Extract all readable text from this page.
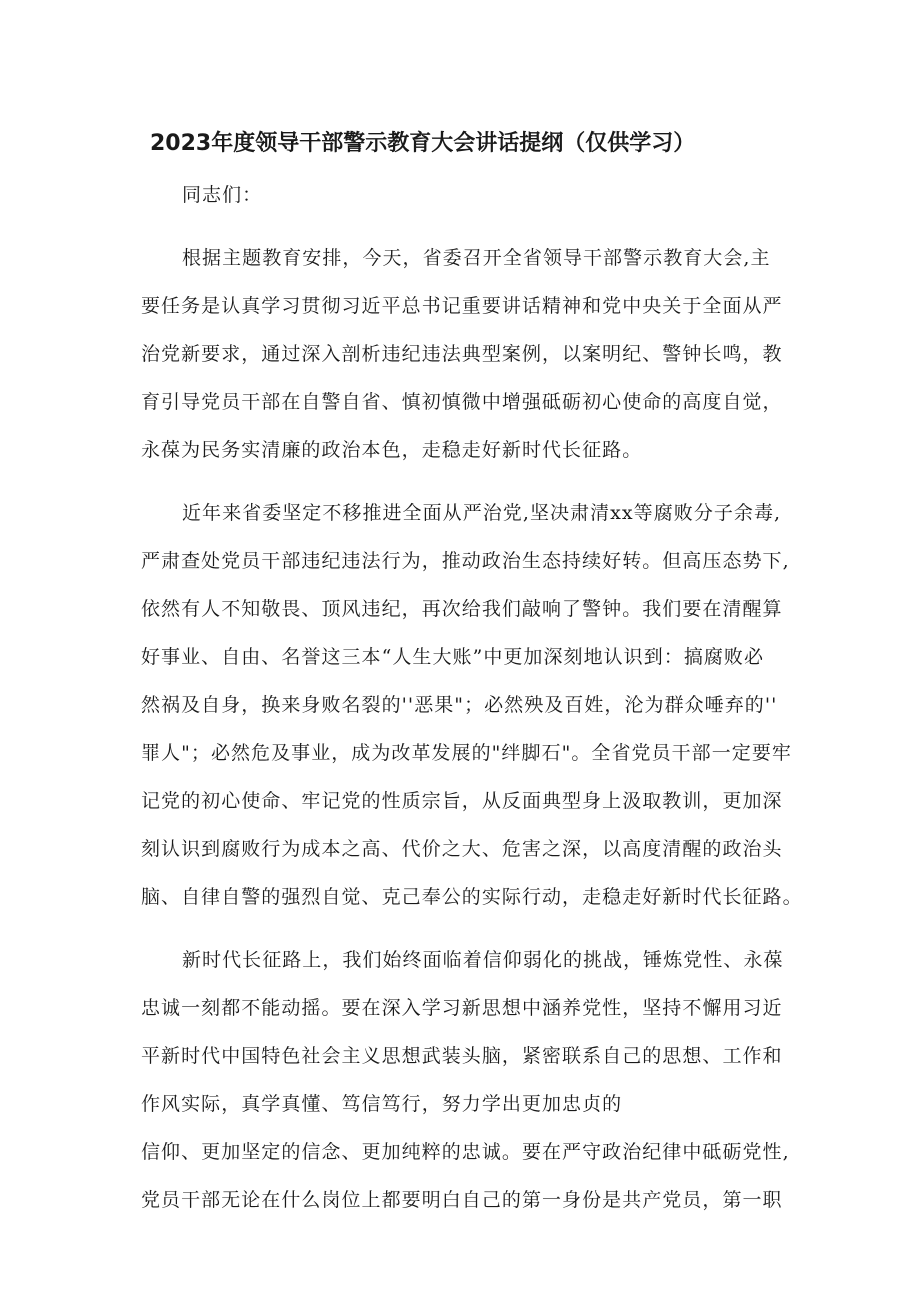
2023年度领导干部警示教育大会讲话提纲（仅供学习）

同志们：

根据主题教育安排，今天，省委召开全省领导干部警示教育大会,主
要任务是认真学习贯彻习近平总书记重要讲话精神和党中央关于全面从严
治党新要求，通过深入剖析违纪违法典型案例，以案明纪、警钟长鸣，教
育引导党员干部在自警自省、慎初慎微中增强砥砺初心使命的高度自觉，
永葆为民务实清廉的政治本色，走稳走好新时代长征路。

近年来省委坚定不移推进全面从严治党,坚决肃清xx等腐败分子余毒,
严肃查处党员干部违纪违法行为，推动政治生态持续好转。但高压态势下,
依然有人不知敬畏、顶风违纪，再次给我们敲响了警钟。我们要在清醒算
好事业、自由、名誉这三本“人生大账”中更加深刻地认识到：搞腐败必
然祸及自身，换来身败名裂的''恶果"；必然殃及百姓，沦为群众唾弃的''
罪人"；必然危及事业，成为改革发展的"绊脚石"。全省党员干部一定要牢
记党的初心使命、牢记党的性质宗旨，从反面典型身上汲取教训，更加深
刻认识到腐败行为成本之高、代价之大、危害之深，以高度清醒的政治头
脑、自律自警的强烈自觉、克己奉公的实际行动，走稳走好新时代长征路。

新时代长征路上，我们始终面临着信仰弱化的挑战，锤炼党性、永葆
忠诚一刻都不能动摇。要在深入学习新思想中涵养党性，坚持不懈用习近
平新时代中国特色社会主义思想武装头脑，紧密联系自己的思想、工作和
作风实际，真学真懂、笃信笃行，努力学出更加忠贞的
信仰、更加坚定的信念、更加纯粹的忠诚。要在严守政治纪律中砥砺党性,
党员干部无论在什么岗位上都要明白自己的第一身份是共产党员，第一职
